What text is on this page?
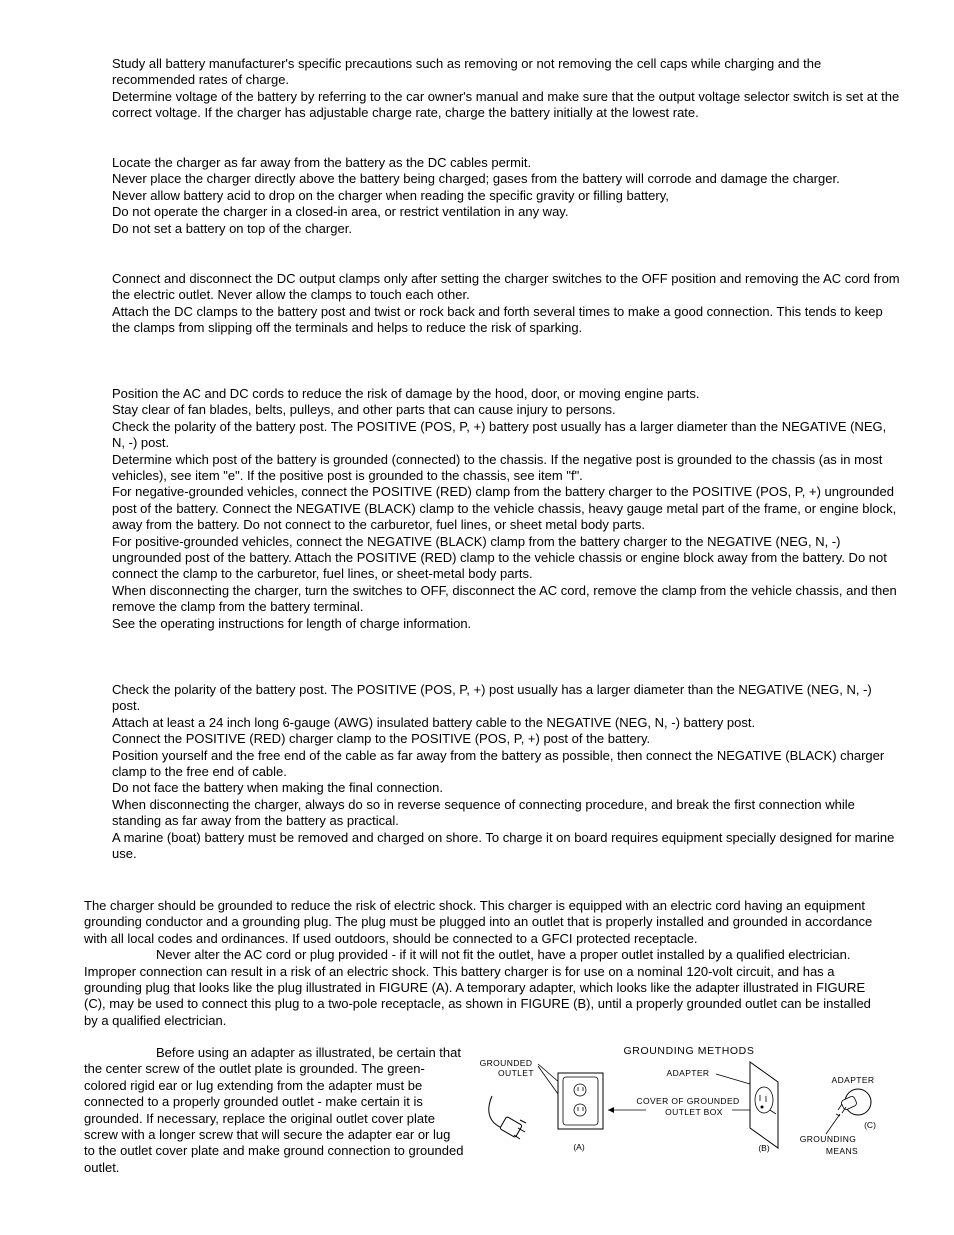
Study all battery manufacturer's specific precautions such as removing or not removing the cell caps while charging and the recommended rates of charge.

Determine voltage of the battery by referring to the car owner's manual and make sure that the output voltage selector switch is set at the correct voltage. If the charger has adjustable charge rate, charge the battery initially at the lowest rate.

Locate the charger as far away from the battery as the DC cables permit.

Never place the charger directly above the battery being charged; gases from the battery will corrode and damage the charger.

Never allow battery acid to drop on the charger when reading the specific gravity or filling battery,

Do not operate the charger in a closed-in area, or restrict ventilation in any way.

Do not set a battery on top of the charger.

Connect and disconnect the DC output clamps only after setting the charger switches to the OFF position and removing the AC cord from the electric outlet. Never allow the clamps to touch each other.

Attach the DC clamps to the battery post and twist or rock back and forth several times to make a good connection. This tends to keep the clamps from slipping off the terminals and helps to reduce the risk of sparking.

Position the AC and DC cords to reduce the risk of damage by the hood, door, or moving engine parts.

Stay clear of fan blades, belts, pulleys, and other parts that can cause injury to persons.

Check the polarity of the battery post. The POSITIVE (POS, P, +) battery post usually has a larger diameter than the NEGATIVE (NEG, N, -) post.

Determine which post of the battery is grounded (connected) to the chassis. If the negative post is grounded to the chassis (as in most vehicles), see item "e". If the positive post is grounded to the chassis, see item "f".

For negative-grounded vehicles, connect the POSITIVE (RED) clamp from the battery charger to the POSITIVE (POS, P, +) ungrounded post of the battery. Connect the NEGATIVE (BLACK) clamp to the vehicle chassis, heavy gauge metal part of the frame, or engine block, away from the battery. Do not connect to the carburetor, fuel lines, or sheet metal body parts.

For positive-grounded vehicles, connect the NEGATIVE (BLACK) clamp from the battery charger to the NEGATIVE (NEG, N, -) ungrounded post of the battery. Attach the POSITIVE (RED) clamp to the vehicle chassis or engine block away from the battery. Do not connect the clamp to the carburetor, fuel lines, or sheet-metal body parts.

When disconnecting the charger, turn the switches to OFF, disconnect the AC cord, remove the clamp from the vehicle chassis, and then remove the clamp from the battery terminal.

See the operating instructions for length of charge information.

Check the polarity of the battery post. The POSITIVE (POS, P, +) post usually has a larger diameter than the NEGATIVE (NEG, N, -) post.

Attach at least a 24 inch long 6-gauge (AWG) insulated battery cable to the NEGATIVE (NEG, N, -) battery post.

Connect the POSITIVE (RED) charger clamp to the POSITIVE (POS, P, +) post of the battery.

Position yourself and the free end of the cable as far away from the battery as possible, then connect the NEGATIVE (BLACK) charger clamp to the free end of cable.

Do not face the battery when making the final connection.

When disconnecting the charger, always do so in reverse sequence of connecting procedure, and break the first connection while standing as far away from the battery as practical.

A marine (boat) battery must be removed and charged on shore. To charge it on board requires equipment specially designed for marine use.

The charger should be grounded to reduce the risk of electric shock. This charger is equipped with an electric cord having an equipment grounding conductor and a grounding plug. The plug must be plugged into an outlet that is properly installed and grounded in accordance with all local codes and ordinances. If used outdoors, should be connected to a GFCI protected receptacle.

Never alter the AC cord or plug provided - if it will not fit the outlet, have a proper outlet installed by a qualified electrician. Improper connection can result in a risk of an electric shock. This battery charger is for use on a nominal 120-volt circuit, and has a grounding plug that looks like the plug illustrated in FIGURE (A). A temporary adapter, which looks like the adapter illustrated in FIGURE (C), may be used to connect this plug to a two-pole receptacle, as shown in FIGURE (B), until a properly grounded outlet can be installed by a qualified electrician.

Before using an adapter as illustrated, be certain that the center screw of the outlet plate is grounded. The green-colored rigid ear or lug extending from the adapter must be connected to a properly grounded outlet - make certain it is grounded. If necessary, replace the original outlet cover plate screw with a longer screw that will secure the adapter ear or lug to the outlet cover plate and make ground connection to grounded outlet.

GROUNDING METHODS
GROUNDED
OUTLET
(A)
COVER OF GROUNDED
OUTLET BOX
ADAPTER
(B)
ADAPTER
(C)
GROUNDING
MEANS
